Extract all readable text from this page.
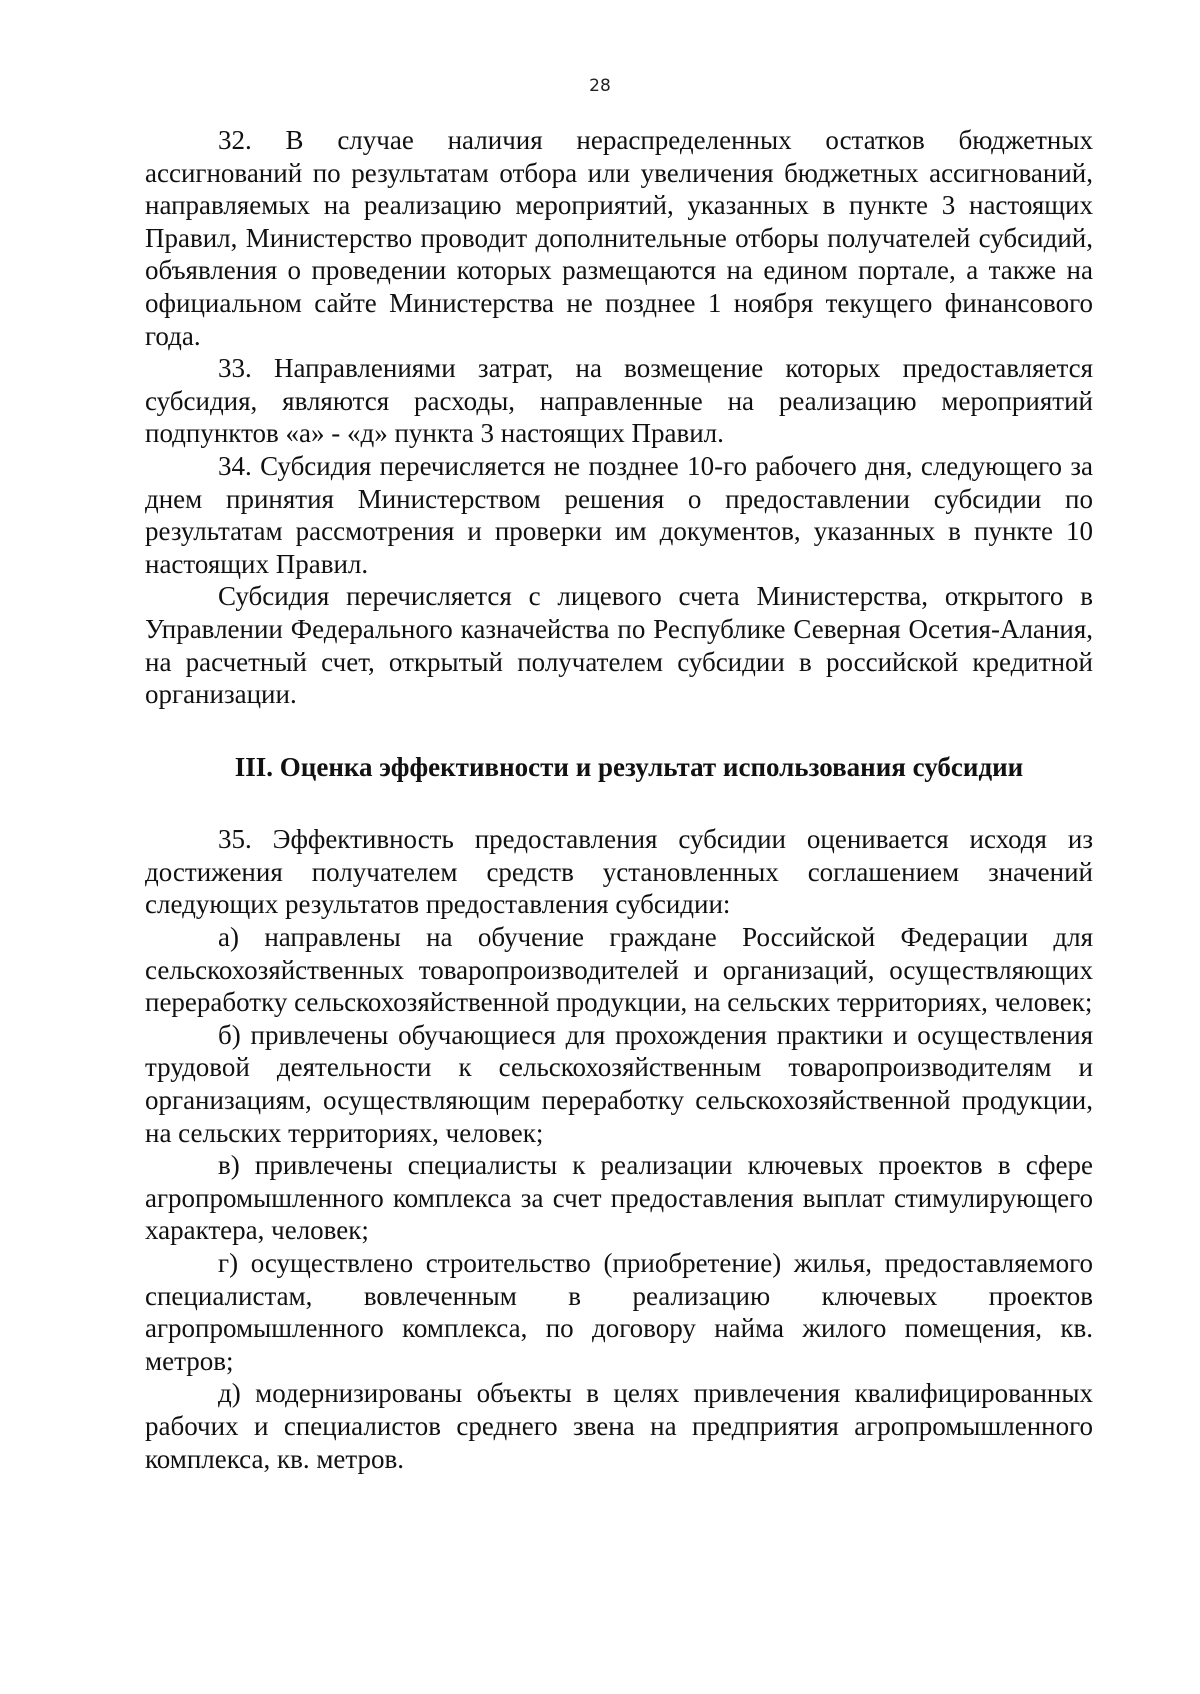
28

32. В случае наличия нераспределенных остатков бюджетных ассигнований по результатам отбора или увеличения бюджетных ассигнований, направляемых на реализацию мероприятий, указанных в пункте 3 настоящих Правил, Министерство проводит дополнительные отборы получателей субсидий, объявления о проведении которых размещаются на едином портале, а также на официальном сайте Министерства не позднее 1 ноября текущего финансового года.

33. Направлениями затрат, на возмещение которых предоставляется субсидия, являются расходы, направленные на реализацию мероприятий подпунктов «а» - «д» пункта 3 настоящих Правил.

34. Субсидия перечисляется не позднее 10-го рабочего дня, следующего за днем принятия Министерством решения о предоставлении субсидии по результатам рассмотрения и проверки им документов, указанных в пункте 10 настоящих Правил.

Субсидия перечисляется с лицевого счета Министерства, открытого в Управлении Федерального казначейства по Республике Северная Осетия-Алания, на расчетный счет, открытый получателем субсидии в российской кредитной организации.

III. Оценка эффективности и результат использования субсидии

35. Эффективность предоставления субсидии оценивается исходя из достижения получателем средств установленных соглашением значений следующих результатов предоставления субсидии:

а) направлены на обучение граждане Российской Федерации для сельскохозяйственных товаропроизводителей и организаций, осуществляющих переработку сельскохозяйственной продукции, на сельских территориях, человек;

б) привлечены обучающиеся для прохождения практики и осуществления трудовой деятельности к сельскохозяйственным товаропроизводителям и организациям, осуществляющим переработку сельскохозяйственной продукции, на сельских территориях, человек;

в) привлечены специалисты к реализации ключевых проектов в сфере агропромышленного комплекса за счет предоставления выплат стимулирующего характера, человек;

г) осуществлено строительство (приобретение) жилья, предоставляемого специалистам, вовлеченным в реализацию ключевых проектов агропромышленного комплекса, по договору найма жилого помещения, кв. метров;

д) модернизированы объекты в целях привлечения квалифицированных рабочих и специалистов среднего звена на предприятия агропромышленного комплекса, кв. метров.
